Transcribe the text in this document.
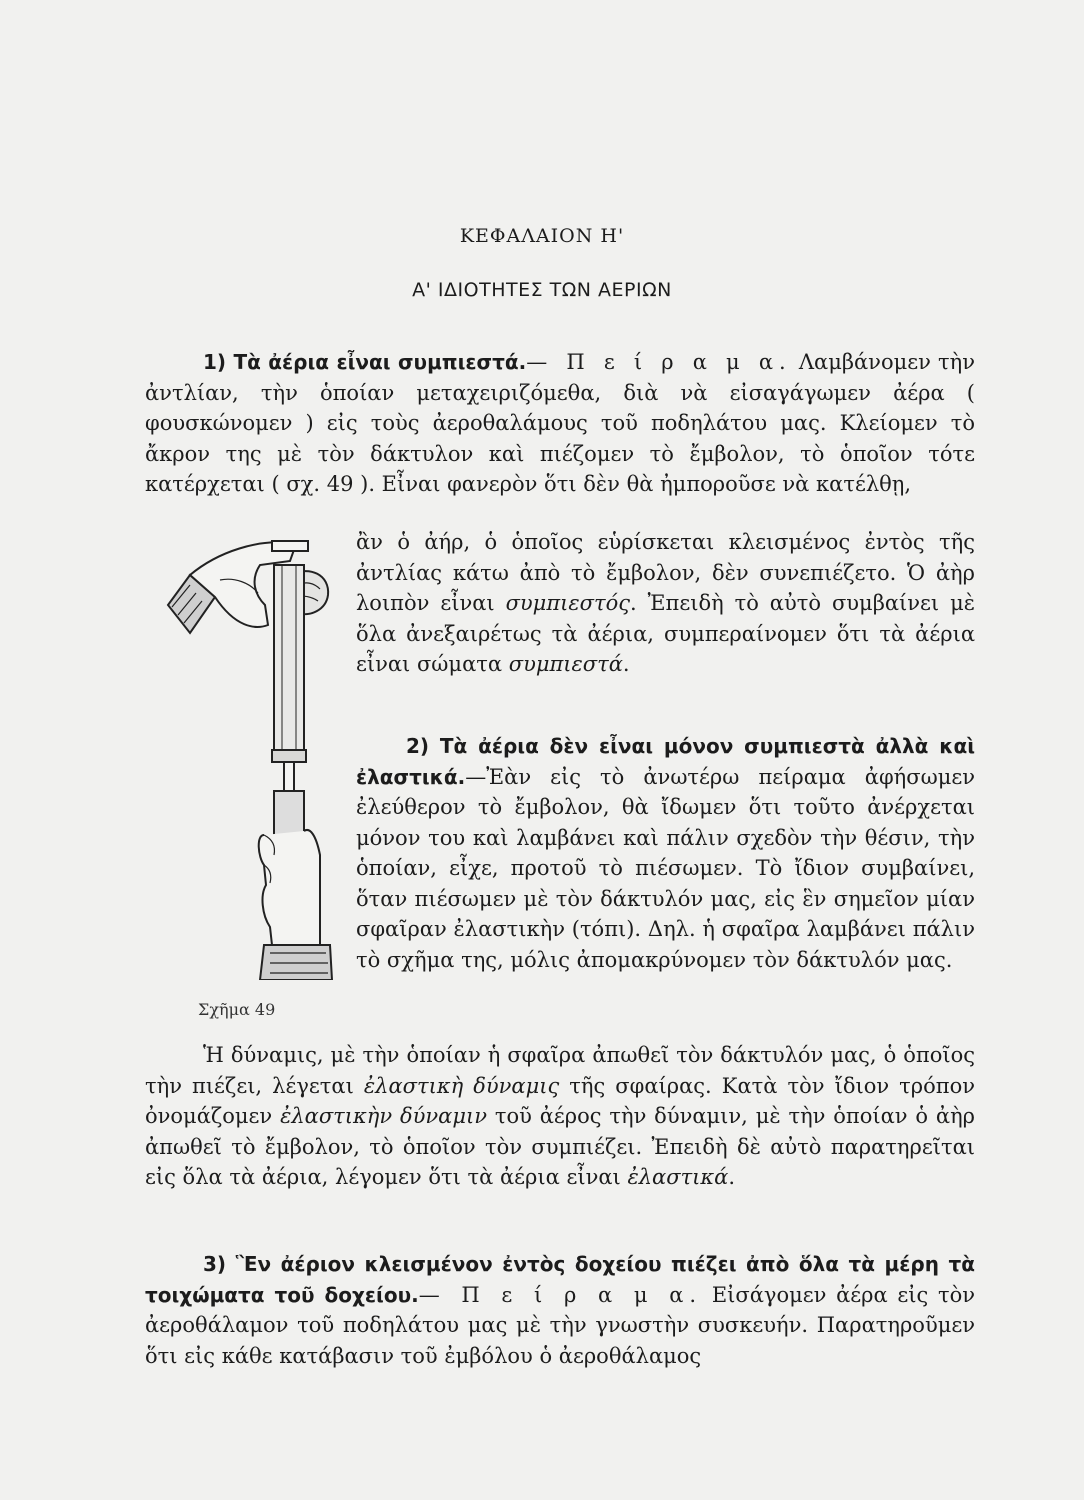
ΚΕΦΑΛΑΙΟΝ Η'
Α' ΙΔΙΟΤΗΤΕΣ ΤΩΝ ΑΕΡΙΩΝ

1) Τὰ ἀέρια εἶναι συμπιεστά.— Π ε ί ρ α μ α. Λαμβάνομεν τὴν ἀντλίαν, τὴν ὁποίαν μεταχειριζόμεθα, διὰ νὰ εἰσαγάγωμεν ἀέρα ( φουσκώνομεν ) εἰς τοὺς ἀεροθαλάμους τοῦ ποδηλάτου μας. Κλείομεν τὸ ἄκρον της μὲ τὸν δάκτυλον καὶ πιέζομεν τὸ ἔμβολον, τὸ ὁποῖον τότε κατέρχεται ( σχ. 49 ). Εἶναι φανερὸν ὅτι δὲν θὰ ἠμποροῦσε νὰ κατέλθῃ,

ἂν ὁ ἀήρ, ὁ ὁποῖος εὑρίσκεται κλεισμένος ἐντὸς τῆς ἀντλίας κάτω ἀπὸ τὸ ἔμβολον, δὲν συνεπιέζετο. Ὁ ἀὴρ λοιπὸν εἶναι συμπιεστός. Ἐπειδὴ τὸ αὐτὸ συμβαίνει μὲ ὅλα ἀνεξαιρέτως τὰ ἀέρια, συμπεραίνομεν ὅτι τὰ ἀέρια εἶναι σώματα συμπιεστά.

2) Τὰ ἀέρια δὲν εἶναι μόνον συμπιεστὰ ἀλλὰ καὶ ἐλαστικά.—Ἐὰν εἰς τὸ ἀνωτέρω πείραμα ἀφήσωμεν ἐλεύθερον τὸ ἔμβολον, θὰ ἴδωμεν ὅτι τοῦτο ἀνέρχεται μόνον του καὶ λαμβάνει καὶ πάλιν σχεδὸν τὴν θέσιν, τὴν ὁποίαν, εἶχε, προτοῦ τὸ πιέσωμεν. Τὸ ἴδιον συμβαίνει, ὅταν πιέσωμεν μὲ τὸν δάκτυλόν μας, εἰς ἓν σημεῖον μίαν σφαῖραν ἐλαστικὴν (τόπι). Δηλ. ἡ σφαῖρα λαμβάνει πάλιν τὸ σχῆμα της, μόλις ἀπομακρύνομεν τὸν δάκτυλόν μας.

Ἡ δύναμις, μὲ τὴν ὁποίαν ἡ σφαῖρα ἀπωθεῖ τὸν δάκτυλόν μας, ὁ ὁποῖος τὴν πιέζει, λέγεται ἐλαστικὴ δύναμις τῆς σφαίρας. Κατὰ τὸν ἴδιον τρόπον ὀνομάζομεν ἐλαστικὴν δύναμιν τοῦ ἀέρος τὴν δύναμιν, μὲ τὴν ὁποίαν ὁ ἀὴρ ἀπωθεῖ τὸ ἔμβολον, τὸ ὁποῖον τὸν συμπιέζει. Ἐπειδὴ δὲ αὐτὸ παρατηρεῖται εἰς ὅλα τὰ ἀέρια, λέγομεν ὅτι τὰ ἀέρια εἶναι ἐλαστικά.

3) Ἓν ἀέριον κλεισμένον ἐντὸς δοχείου πιέζει ἀπὸ ὅλα τὰ μέρη τὰ τοιχώματα τοῦ δοχείου.— Π ε ί ρ α μ α. Εἰσάγομεν ἀέρα εἰς τὸν ἀεροθάλαμον τοῦ ποδηλάτου μας μὲ τὴν γνωστὴν συσκευήν. Παρατηροῦμεν ὅτι εἰς κάθε κατάβασιν τοῦ ἐμβόλου ὁ ἀεροθάλαμος

Σχῆμα 49
